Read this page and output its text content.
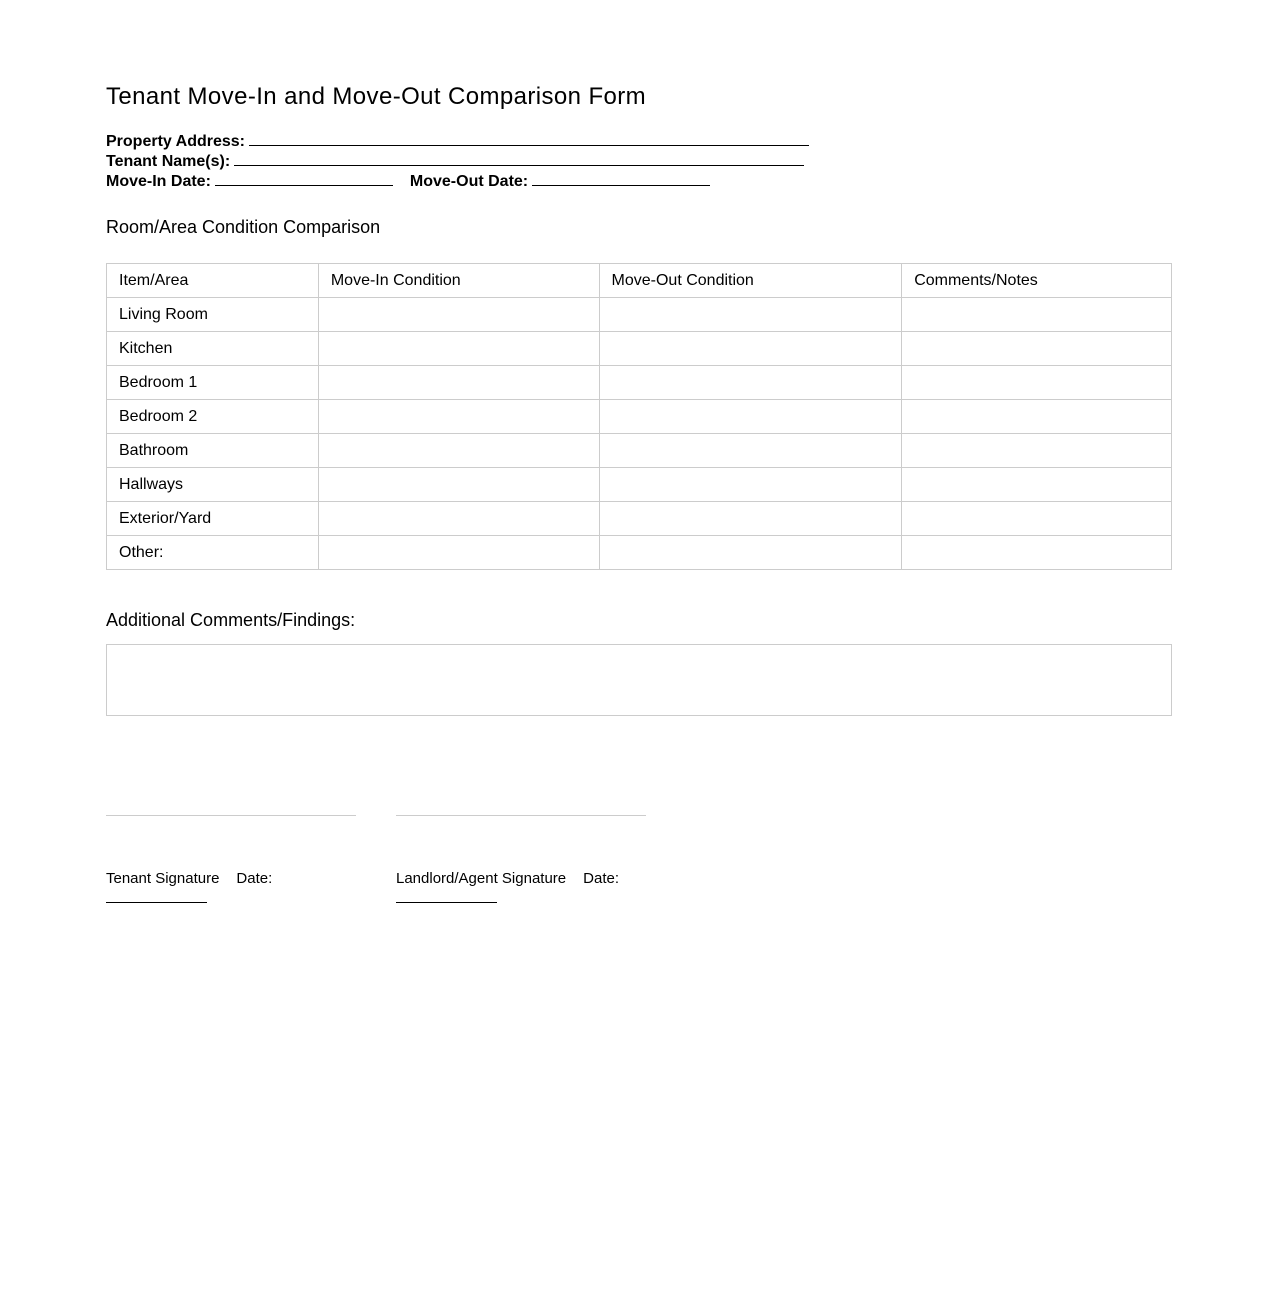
Tenant Move-In and Move-Out Comparison Form
Property Address:
Tenant Name(s):
Move-In Date:	Move-Out Date:
Room/Area Condition Comparison
Item/Area	Move-In Condition	Move-Out Condition	Comments/Notes
Living Room			
Kitchen			
Bedroom 1			
Bedroom 2			
Bathroom			
Hallways			
Exterior/Yard			
Other:			
Additional Comments/Findings:
Tenant Signature Date:	Landlord/Agent Signature Date:
